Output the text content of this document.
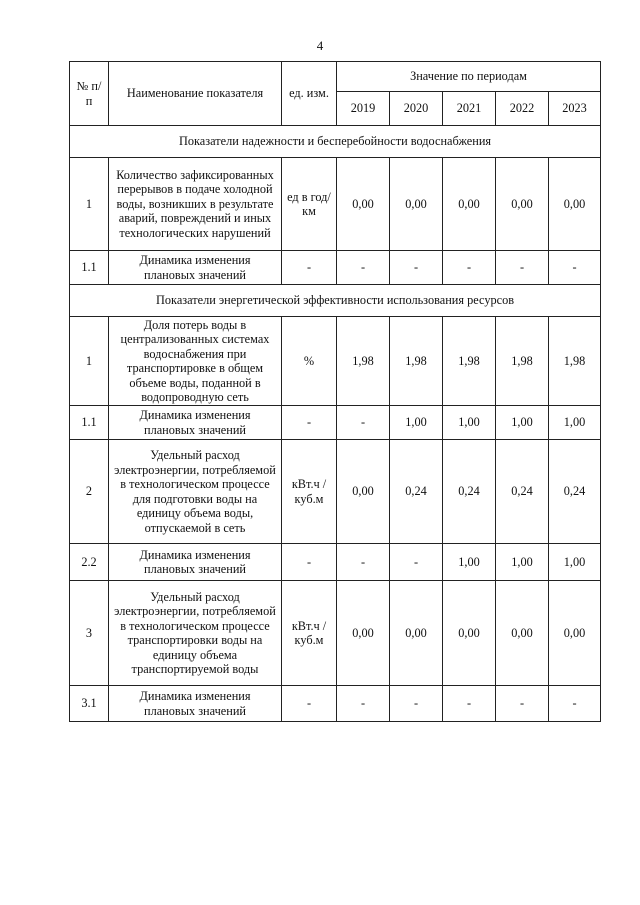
4
№ п/п	Наименование показателя	ед. изм.	Значение по периодам				
			2019	2020	2021	2022	2023

Показатели надежности и бесперебойности водоснабжения							

1	Количество зафиксированных перерывов в подаче холодной воды, возникших в результате аварий, повреждений и иных технологических нарушений	ед в год/ км	0,00	0,00	0,00	0,00	0,00
1.1	Динамика изменения плановых значений	-	-	-	-	-	-

Показатели энергетической эффективности использования ресурсов							

1	Доля потерь воды в централизованных системах водоснабжения при транспортировке в общем объеме воды, поданной в водопроводную сеть	%	1,98	1,98	1,98	1,98	1,98
1.1	Динамика изменения плановых значений	-	-	1,00	1,00	1,00	1,00
2	Удельный расход электроэнергии, потребляемой в технологическом процессе для подготовки воды на единицу объема воды, отпускаемой в сеть	кВт.ч / куб.м	0,00	0,24	0,24	0,24	0,24
2.2	Динамика изменения плановых значений	-	-	-	1,00	1,00	1,00
3	Удельный расход электроэнергии, потребляемой в технологическом процессе транспортировки воды на единицу объема транспортируемой воды	кВт.ч / куб.м	0,00	0,00	0,00	0,00	0,00
3.1	Динамика изменения плановых значений	-	-	-	-	-	-
